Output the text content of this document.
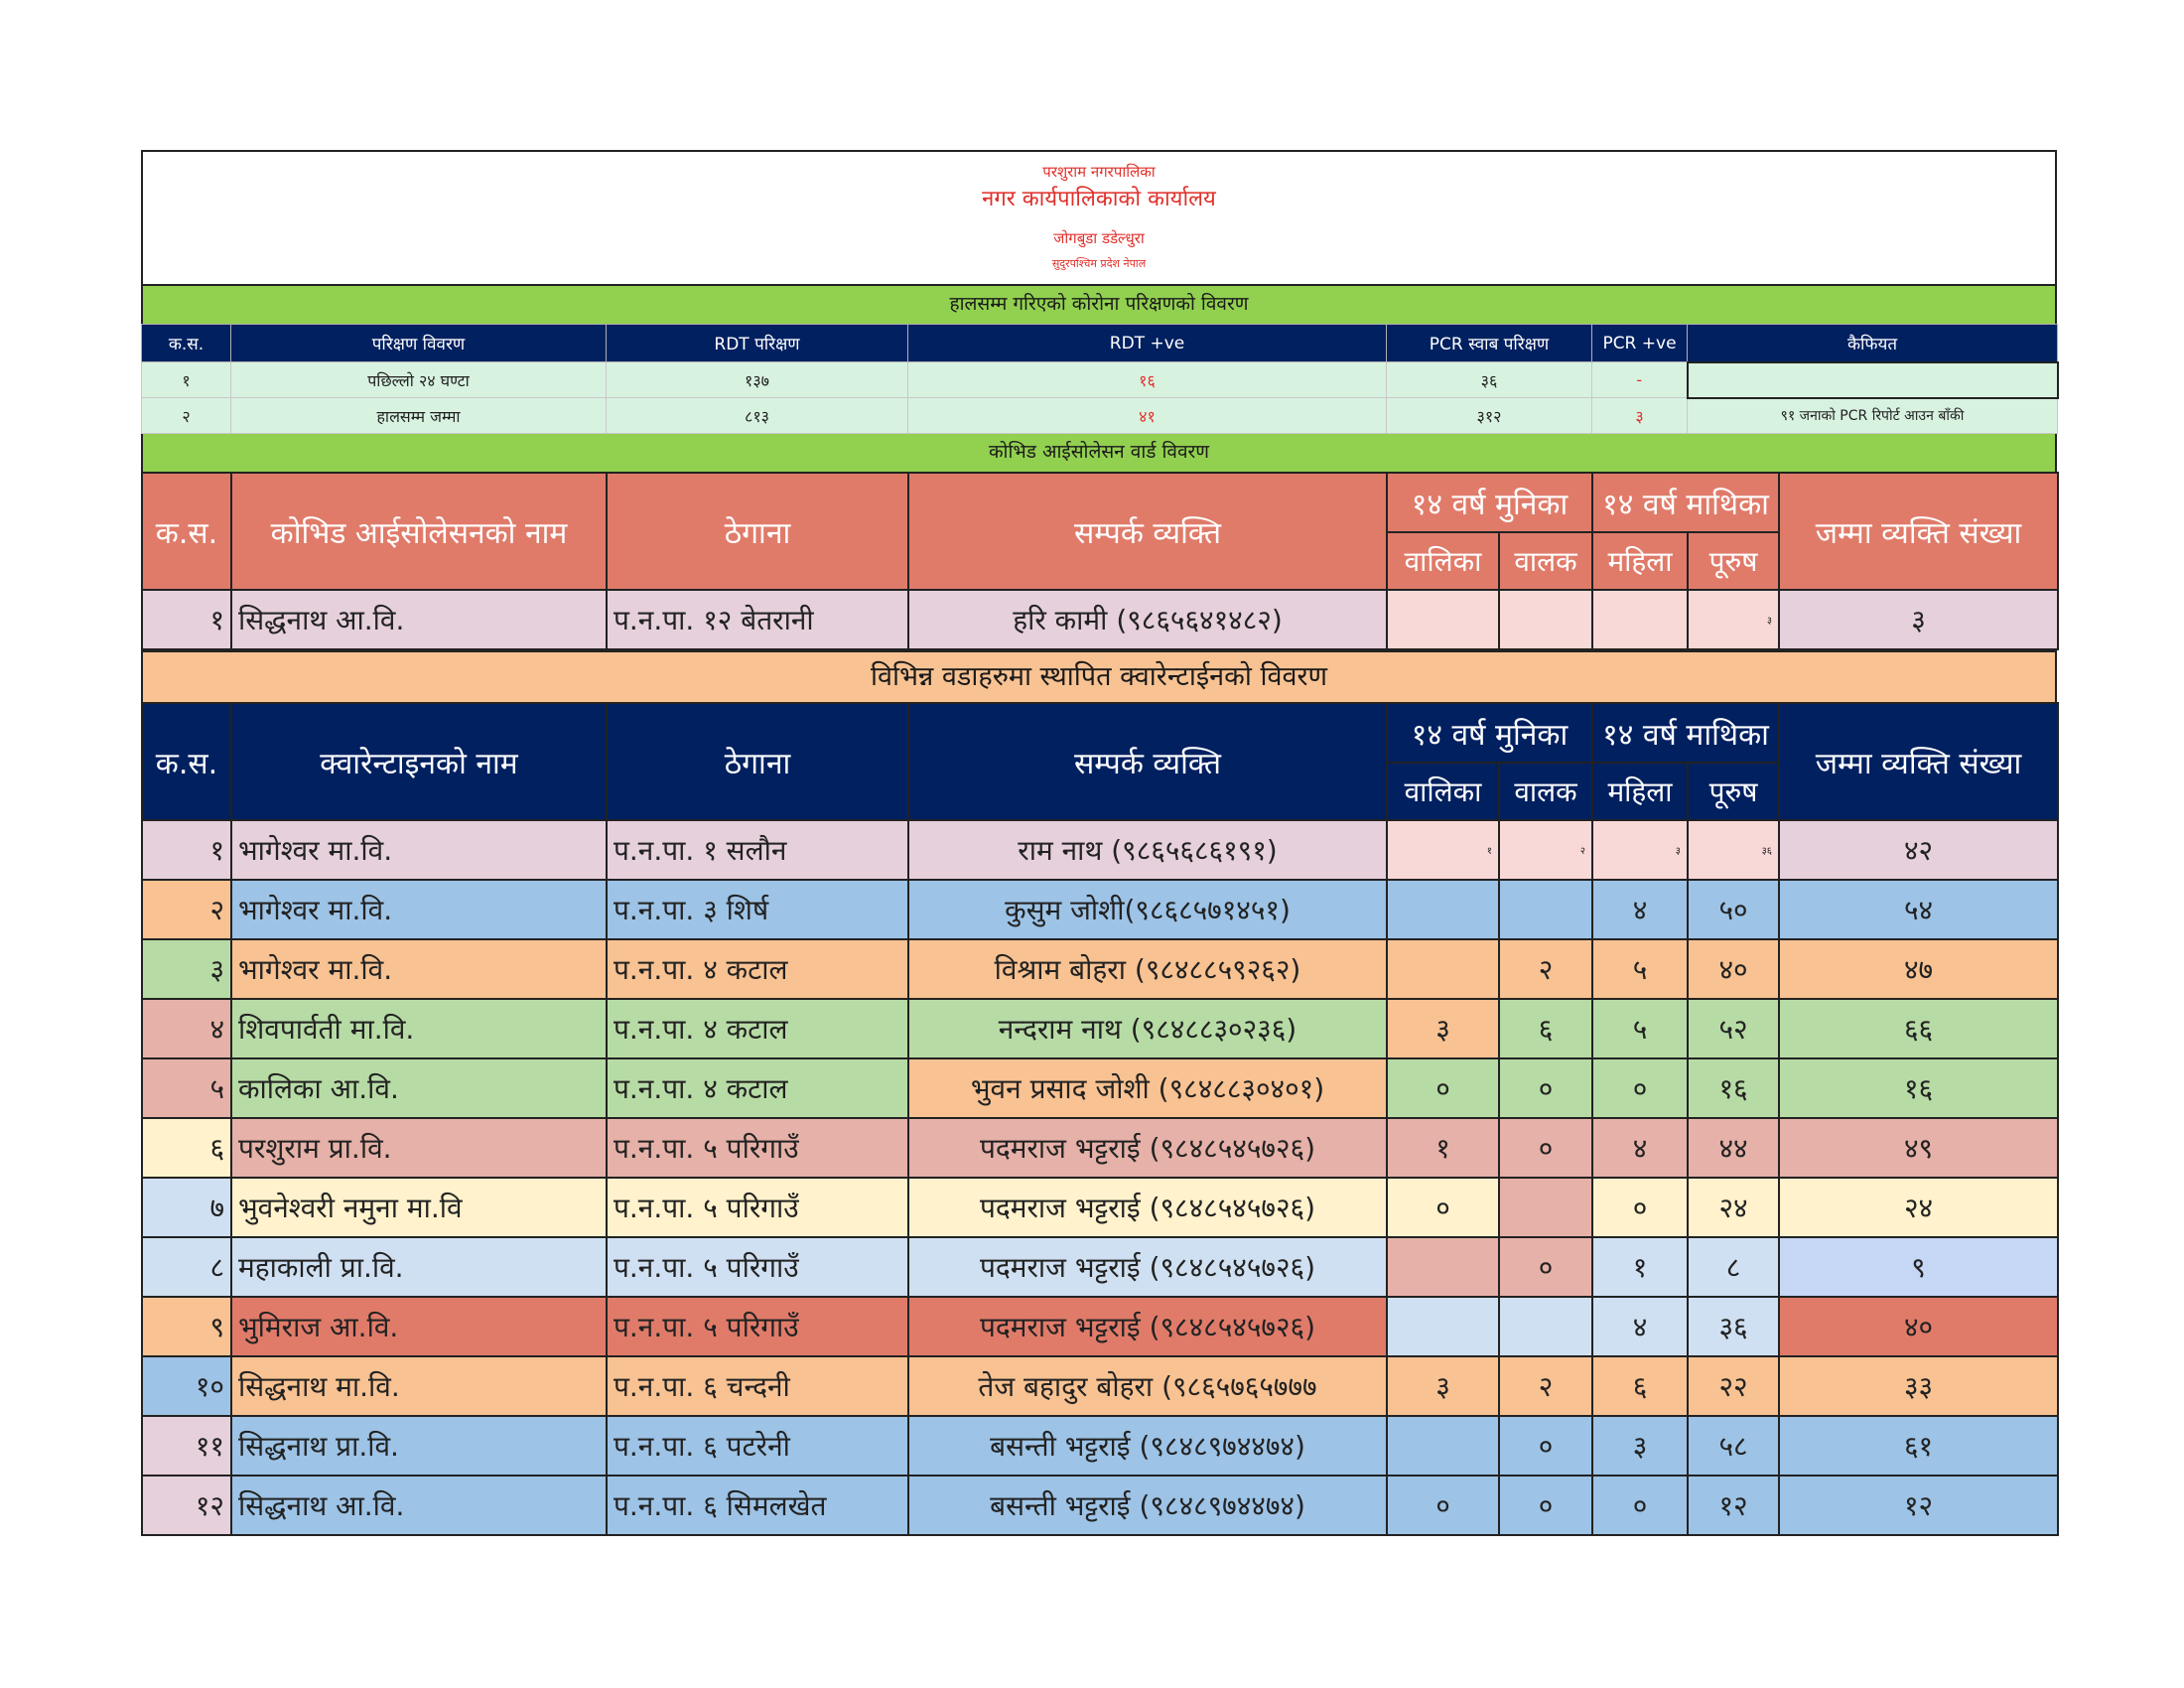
परशुराम नगरपालिका
नगर कार्यपालिकाको कार्यालय
जोगबुडा डडेल्धुरा
सुदुरपश्चिम प्रदेश नेपाल
हालसम्म गरिएको कोरोना परिक्षणको विवरण
क.स.	परिक्षण विवरण	RDT परिक्षण	RDT +ve	PCR स्वाब परिक्षण	PCR +ve	कैफियत
१	पछिल्लो २४ घण्टा	१३७	१६	३६	-	
२	हालसम्म जम्मा	८१३	४१	३१२	३	९१ जनाको PCR रिपोर्ट आउन बाँकी
कोभिड आईसोलेसन वार्ड विवरण
क.स.	कोभिड आईसोलेसनको नाम	ठेगाना	सम्पर्क व्यक्ति	१४ वर्ष मुनिका		१४ वर्ष माथिका		जम्मा व्यक्ति संख्या
				वालिका	वालक	महिला	पूरुष	
१	सिद्धनाथ आ.वि.	प.न.पा. १२ बेतरानी	हरि कामी (९८६५६४१४८२)				३	३
विभिन्न वडाहरुमा स्थापित क्वारेन्टाईनको विवरण
क.स.	क्वारेन्टाइनको नाम	ठेगाना	सम्पर्क व्यक्ति	१४ वर्ष मुनिका		१४ वर्ष माथिका		जम्मा व्यक्ति संख्या
				वालिका	वालक	महिला	पूरुष	
१	भागेश्वर मा.वि.	प.न.पा. १ सलौन	राम नाथ (९८६५६८६१९१)	१	२	३	३६	४२
२	भागेश्वर मा.वि.	प.न.पा. ३ शिर्ष	कुसुम जोशी(९८६८५७१४५१)			४	५०	५४
३	भागेश्वर मा.वि.	प.न.पा. ४ कटाल	विश्राम बोहरा (९८४८८५९२६२)		२	५	४०	४७
४	शिवपार्वती मा.वि.	प.न.पा. ४ कटाल	नन्दराम नाथ (९८४८८३०२३६)	३	६	५	५२	६६
५	कालिका आ.वि.	प.न.पा. ४ कटाल	भुवन प्रसाद जोशी (९८४८८३०४०१)	०	०	०	१६	१६
६	परशुराम प्रा.वि.	प.न.पा. ५ परिगाउँ	पदमराज भट्टराई (९८४८५४५७२६)	१	०	४	४४	४९
७	भुवनेश्वरी नमुना मा.वि	प.न.पा. ५ परिगाउँ	पदमराज भट्टराई (९८४८५४५७२६)	०		०	२४	२४
८	महाकाली प्रा.वि.	प.न.पा. ५ परिगाउँ	पदमराज भट्टराई (९८४८५४५७२६)		०	१	८	९
९	भुमिराज आ.वि.	प.न.पा. ५ परिगाउँ	पदमराज भट्टराई (९८४८५४५७२६)			४	३६	४०
१०	सिद्धनाथ मा.वि.	प.न.पा. ६ चन्दनी	तेज बहादुर बोहरा (९८६५७६५७७७	३	२	६	२२	३३
११	सिद्धनाथ प्रा.वि.	प.न.पा. ६ पटरेनी	बसन्ती भट्टराई (९८४८९७४४७४)		०	३	५८	६१
१२	सिद्धनाथ आ.वि.	प.न.पा. ६ सिमलखेत	बसन्ती भट्टराई (९८४८९७४४७४)	०	०	०	१२	१२
